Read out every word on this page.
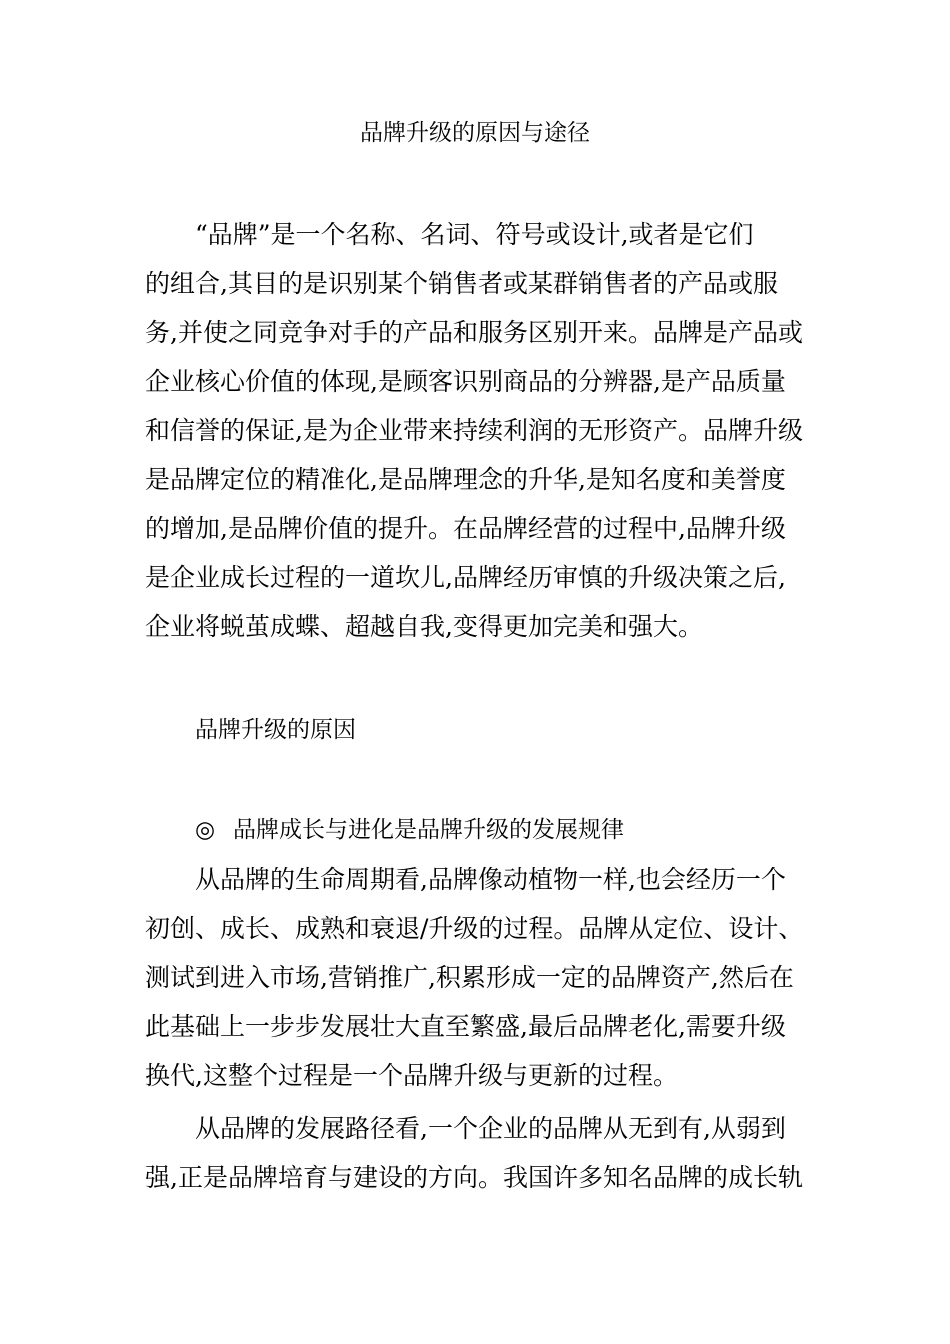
品牌升级的原因与途径
“品牌”是一个名称、名词、符号或设计,或者是它们
的组合,其目的是识别某个销售者或某群销售者的产品或服
务,并使之同竞争对手的产品和服务区别开来。品牌是产品或
企业核心价值的体现,是顾客识别商品的分辨器,是产品质量
和信誉的保证,是为企业带来持续利润的无形资产。品牌升级
是品牌定位的精准化,是品牌理念的升华,是知名度和美誉度
的增加,是品牌价值的提升。在品牌经营的过程中,品牌升级
是企业成长过程的一道坎儿,品牌经历审慎的升级决策之后,
企业将蜕茧成蝶、超越自我,变得更加完美和强大。
品牌升级的原因
◎ 品牌成长与进化是品牌升级的发展规律
从品牌的生命周期看,品牌像动植物一样,也会经历一个
初创、成长、成熟和衰退/升级的过程。品牌从定位、设计、
测试到进入市场,营销推广,积累形成一定的品牌资产,然后在
此基础上一步步发展壮大直至繁盛,最后品牌老化,需要升级
换代,这整个过程是一个品牌升级与更新的过程。
从品牌的发展路径看,一个企业的品牌从无到有,从弱到
强,正是品牌培育与建设的方向。我国许多知名品牌的成长轨
